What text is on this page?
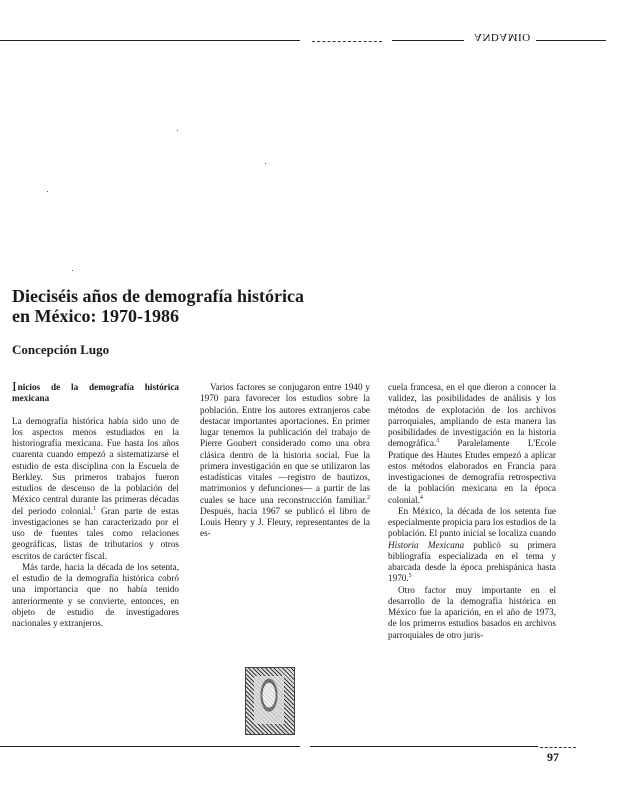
ANDAMIO
Dieciséis años de demografía histórica
en México: 1970-1986
Concepción Lugo

Inicios de la demografía histórica mexicana

La demografía histórica había sido uno de los aspectos menos estudiados en la historiografía mexicana. Fue hasta los años cuarenta cuando empezó a sistematizarse el estudio de esta disciplina con la Escuela de Berkley. Sus primeros trabajos fueron estudios de descenso de la población del México central durante las primeras décadas del periodo colonial.$^1$ Gran parte de estas investigaciones se han caracterizado por el uso de fuentes tales como relaciones geográficas, listas de tributarios y otros escritos de carácter fiscal.

Más tarde, hacia la década de los setenta, el estudio de la demografía histórica cobró una importancia que no había tenido anteriormente y se convierte, entonces, en objeto de estudio de investigadores nacionales y extranjeros.

Varios factores se conjugaron entre 1940 y 1970 para favorecer los estudios sobre la población. Entre los autores extranjeros cabe destacar importantes aportaciones. En primer lugar tenemos la publicación del trabajo de Pierre Goubert considerado como una obra clásica dentro de la historia social. Fue la primera investigación en que se utilizaron las estadísticas vitales —registro de bautizos, matrimonios y defunciones— a partir de las cuales se hace una reconstrucción familiar.$^2$ Después, hacia 1967 se publicó el libro de Louis Henry y J. Fleury, representantes de la es-

cuela francesa, en el que dieron a conocer la validez, las posibilidades de análisis y los métodos de explotación de los archivos parroquiales, ampliando de esta manera las posibilidades de investigación en la historia demográfica.$^3$ Paralelamente L'Ecole Pratique des Hautes Etudes empezó a aplicar estos métodos elaborados en Francia para investigaciones de demografía retrospectiva de la población mexicana en la época colonial.$^4$

En México, la década de los setenta fue especialmente propicia para los estudios de la población. El punto inicial se localiza cuando Historia Mexicana publicó su primera bibliografía especializada en el tema y abarcada desde la época prehispánica hasta 1970.$^5$

Otro factor muy importante en el desarrollo de la demografía histórica en México fue la aparición, en el año de 1973, de los primeros estudios basados en archivos parroquiales de otro juris-

97
